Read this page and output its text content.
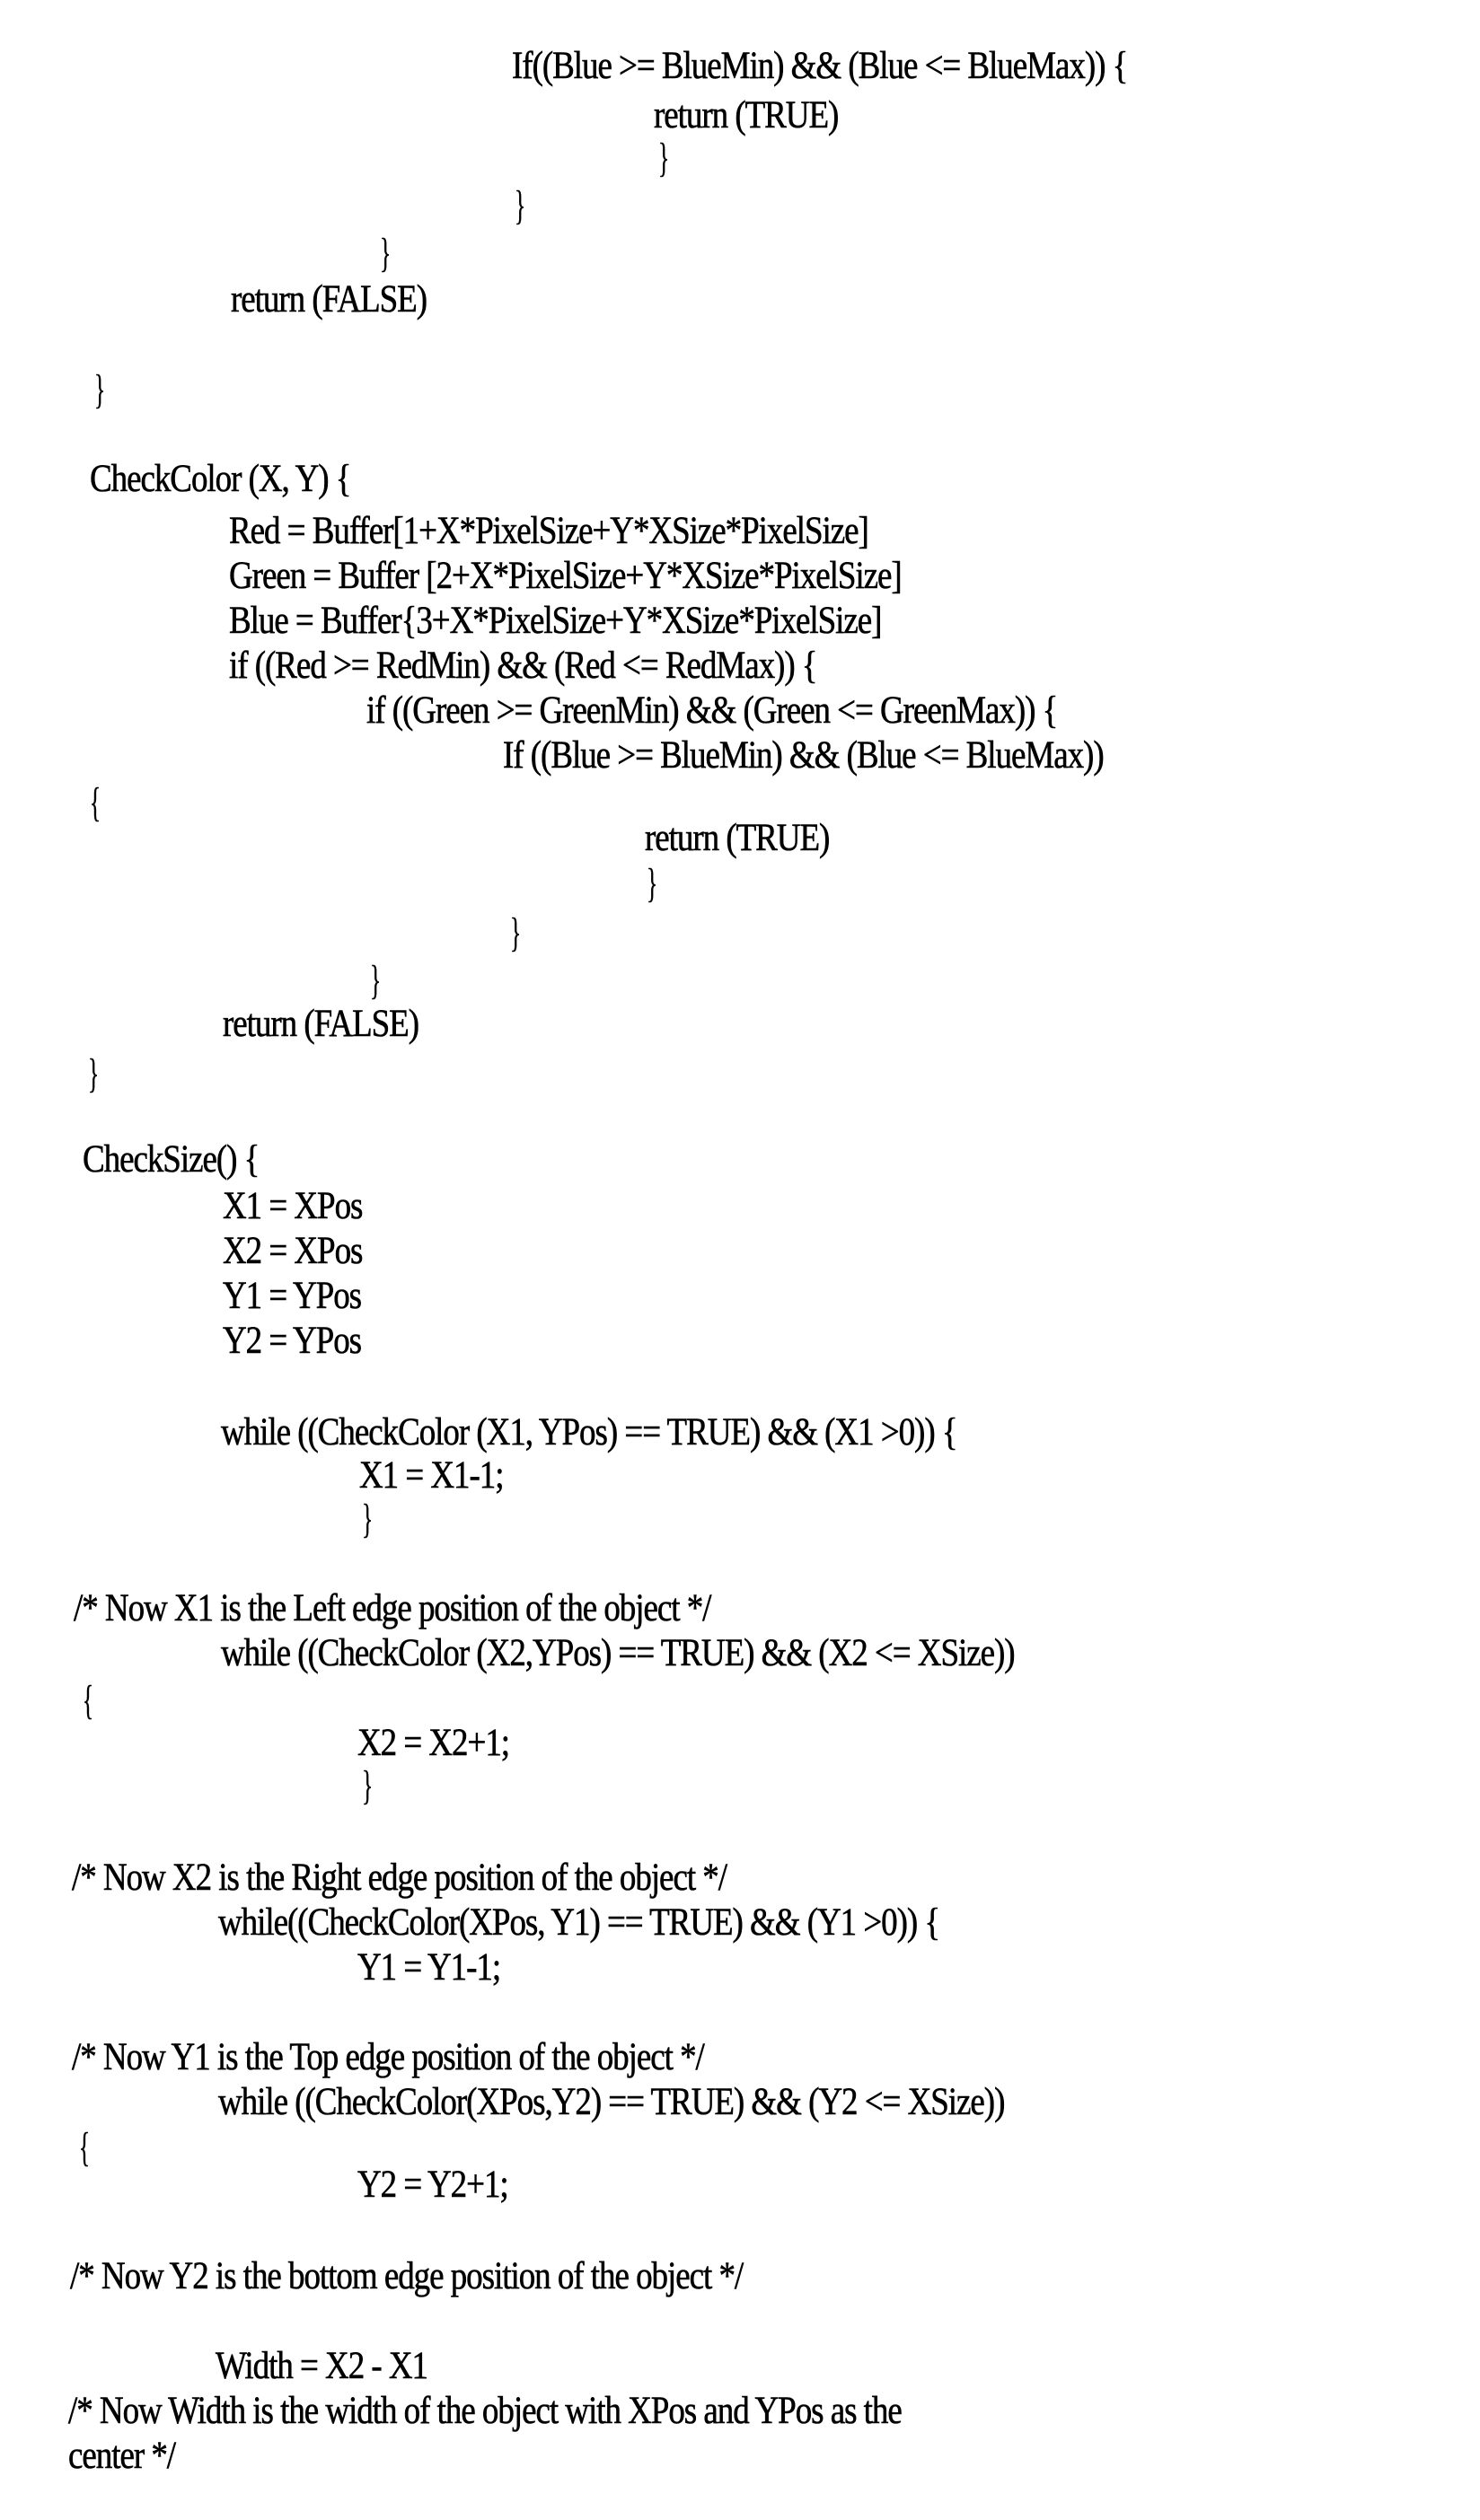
If((Blue >= BlueMin) && (Blue <= BlueMax)) {
return (TRUE)
}
}
}
return (FALSE)
}
CheckColor (X, Y) {
Red = Buffer[1+X*PixelSize+Y*XSize*PixelSize]
Green = Buffer [2+X*PixelSize+Y*XSize*PixelSize]
Blue = Buffer{3+X*PixelSize+Y*XSize*PixelSize]
if ((Red >= RedMin) && (Red <= RedMax)) {
if ((Green >= GreenMin) && (Green <= GreenMax)) {
If ((Blue >= BlueMin) && (Blue <= BlueMax))
{
return (TRUE)
}
}
}
return (FALSE)
}
CheckSize() {
X1 = XPos
X2 = XPos
Y1 = YPos
Y2 = YPos
while ((CheckColor (X1, YPos) == TRUE) && (X1 >0)) {
X1 = X1-1;
}
/* Now X1 is the Left edge position of the object */
while ((CheckColor (X2,YPos) == TRUE) && (X2 <= XSize))
{
X2 = X2+1;
}
/* Now X2 is the Right edge position of the object */
while((CheckColor(XPos, Y1) == TRUE) && (Y1 >0)) {
Y1 = Y1-1;
/* Now Y1 is the Top edge position of the object */
while ((CheckColor(XPos,Y2) == TRUE) && (Y2 <= XSize))
{
Y2 = Y2+1;
/* Now Y2 is the bottom edge position of the object */
Width = X2 - X1
/* Now Width is the width of the object with XPos and YPos as the
center */
